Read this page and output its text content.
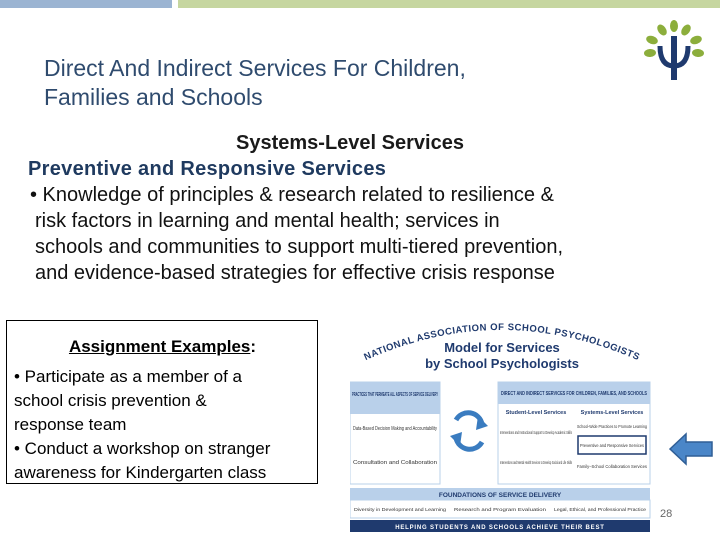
Direct And Indirect Services For Children,
Families and Schools
Systems-Level Services
Preventive and Responsive Services
• Knowledge of principles & research related to resilience &
risk factors in learning and mental health; services in
schools and communities to support multi-tiered prevention,
and evidence-based strategies for effective crisis response
Assignment Examples:
• Participate as a member of a
school crisis prevention &
response team
• Conduct a workshop on stranger
awareness for Kindergarten class
NATIONAL ASSOCIATION OF SCHOOL PSYCHOLOGISTS
Model for Services
by School Psychologists
PRACTICES THAT PERMEATE ALL ASPECTS OF SERVICE DELIVERY
Data-Based Decision Making and Accountability
Consultation and Collaboration
DIRECT AND INDIRECT SERVICES FOR CHILDREN, FAMILIES, AND SCHOOLS
Student-Level Services	Systems-Level Services
Interventions and Instructional Support to Develop Academic Skills
Interventions and Mental Health Services to Develop Social and Life Skills
School-Wide Practices to Promote Learning
Preventive and Responsive Services
Family–School Collaboration Services
FOUNDATIONS OF SERVICE DELIVERY
Diversity in Development and Learning Research and Program Evaluation Legal, Ethical, and Professional Practice
HELPING STUDENTS AND SCHOOLS ACHIEVE THEIR BEST
28
